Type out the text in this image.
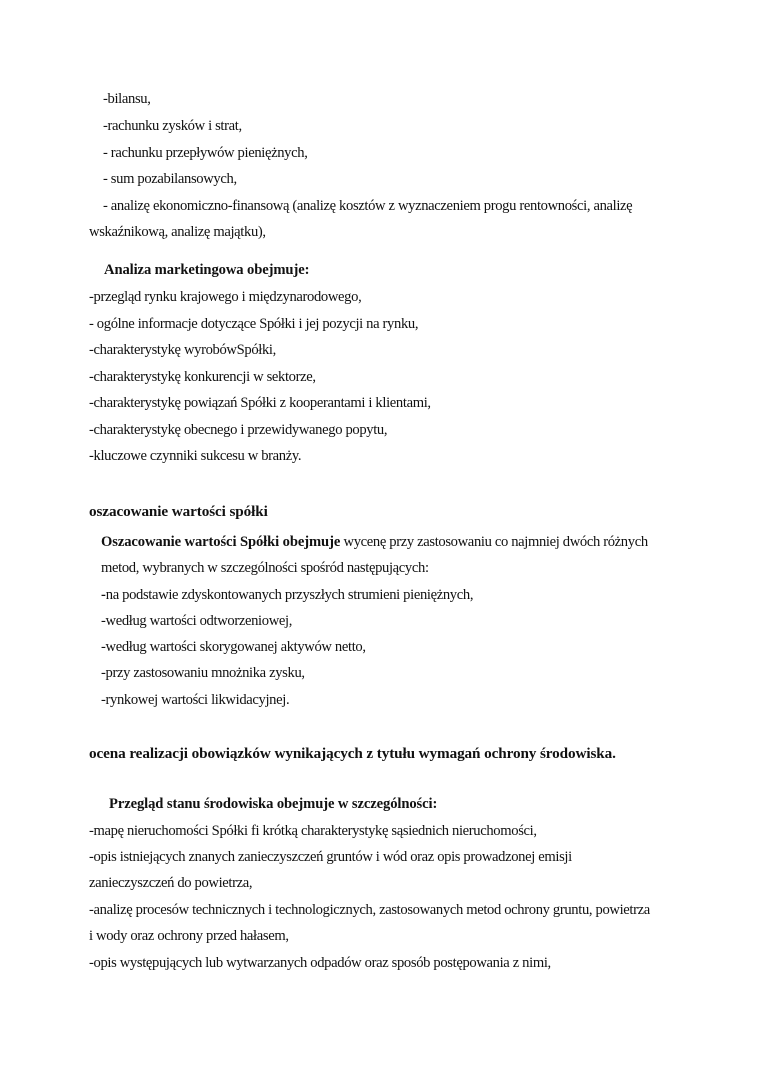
-bilansu,

-rachunku zysków i strat,

- rachunku przepływów pieniężnych,

- sum pozabilansowych,

- analizę ekonomiczno-finansową (analizę kosztów z wyznaczeniem progu rentowności, analizę

wskaźnikową, analizę majątku),

Analiza marketingowa obejmuje:

-przegląd rynku krajowego i międzynarodowego,

- ogólne informacje dotyczące Spółki i jej pozycji na rynku,

-charakterystykę wyrobówSpółki,

-charakterystykę konkurencji w sektorze,

-charakterystykę powiązań Spółki z kooperantami i klientami,

-charakterystykę obecnego i przewidywanego popytu,

-kluczowe czynniki sukcesu w branży.

oszacowanie wartości spółki

Oszacowanie wartości Spółki obejmuje wycenę przy zastosowaniu co najmniej dwóch różnych

metod, wybranych w szczególności spośród następujących:

-na podstawie zdyskontowanych przyszłych strumieni pieniężnych,

-według wartości odtworzeniowej,

-według wartości skorygowanej aktywów netto,

-przy zastosowaniu mnożnika zysku,

-rynkowej wartości likwidacyjnej.

ocena realizacji obowiązków wynikających z tytułu wymagań ochrony środowiska.

Przegląd stanu środowiska obejmuje w szczególności:

-mapę nieruchomości Spółki fi krótką charakterystykę sąsiednich nieruchomości,

-opis istniejących znanych zanieczyszczeń gruntów i wód oraz opis prowadzonej emisji

zanieczyszczeń do powietrza,

-analizę procesów technicznych i technologicznych, zastosowanych metod ochrony gruntu, powietrza

i wody oraz ochrony przed hałasem,

-opis występujących lub wytwarzanych odpadów oraz sposób postępowania z nimi,
